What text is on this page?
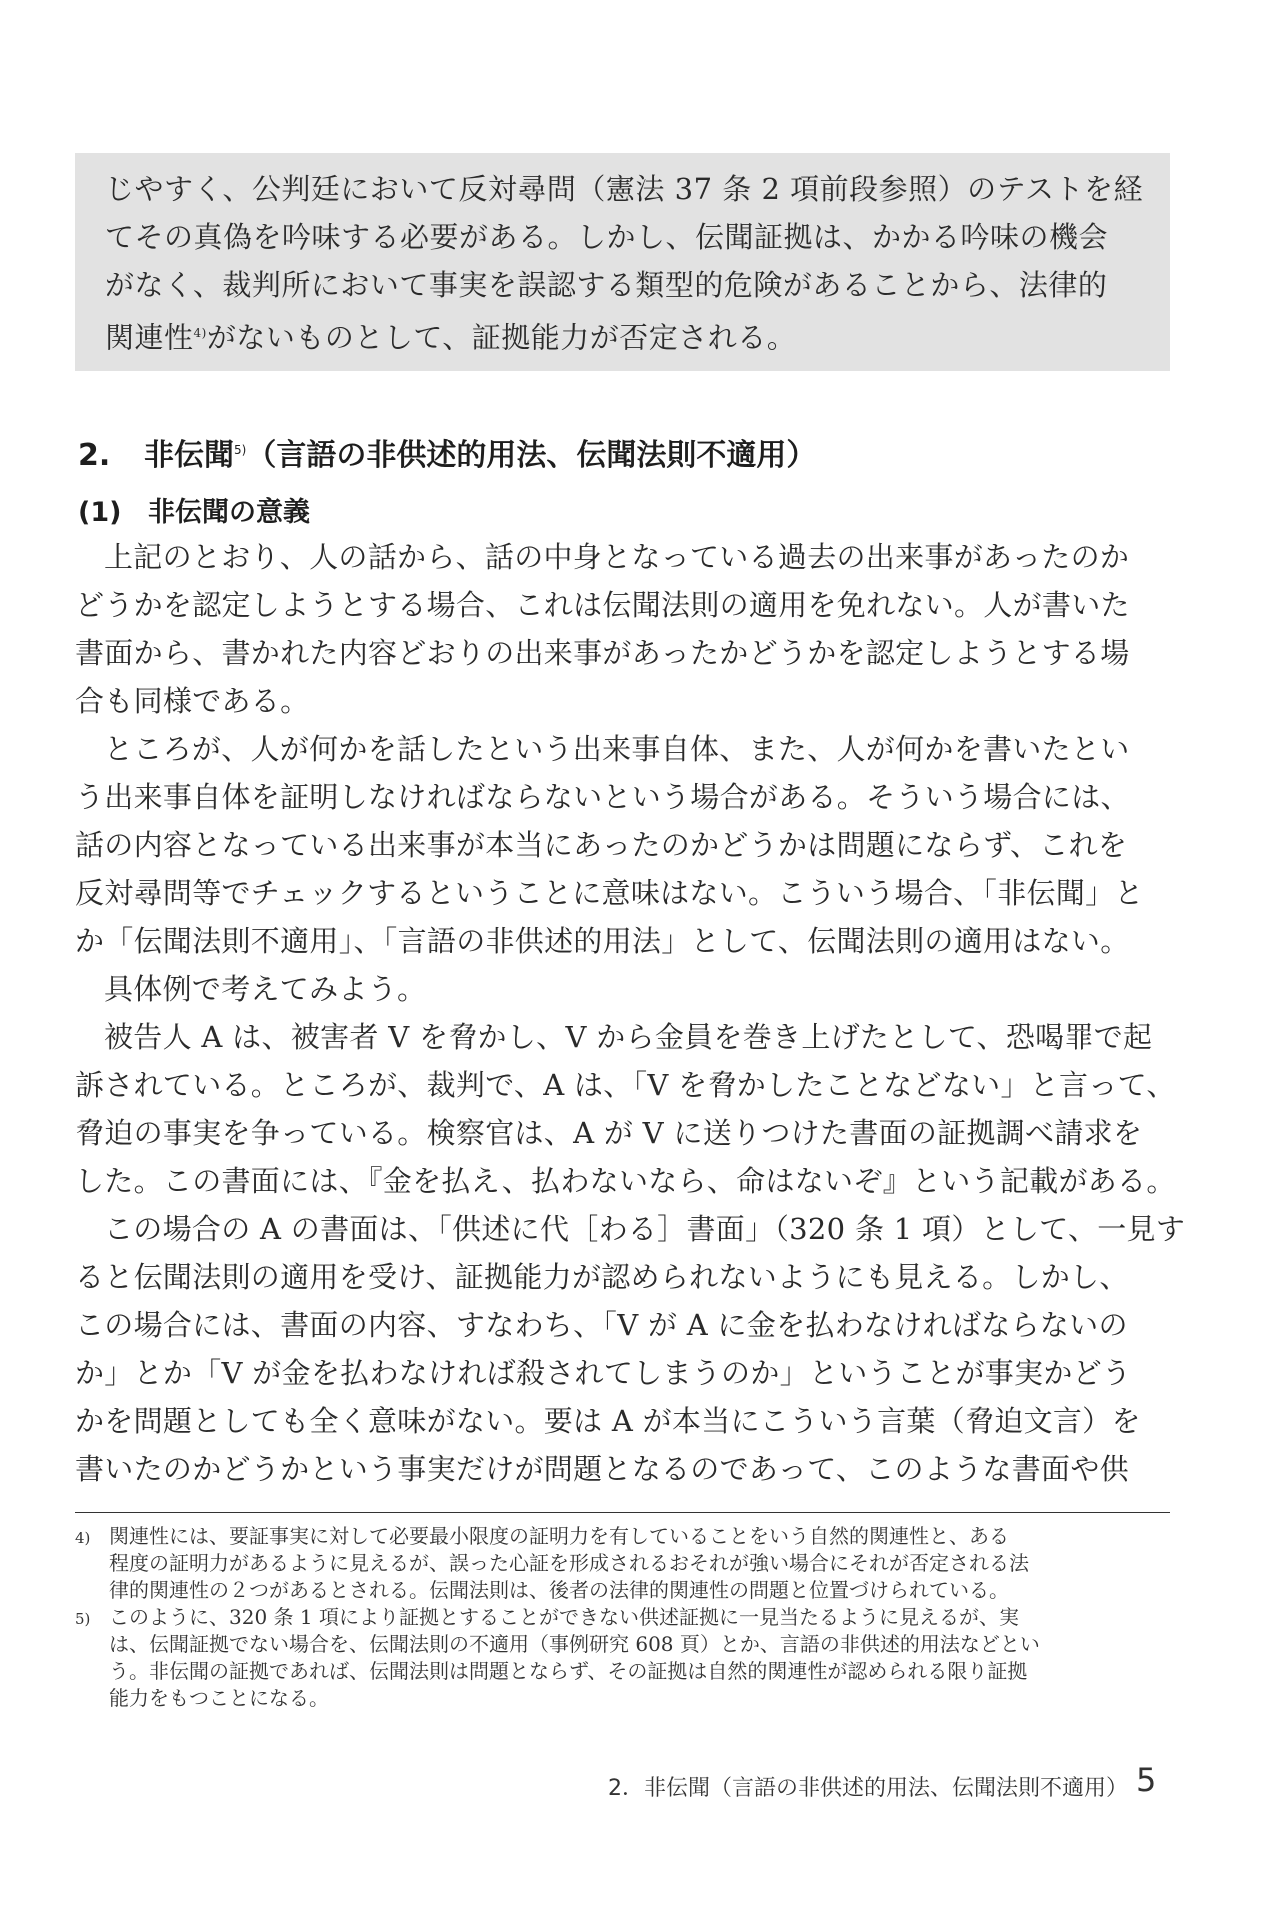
じやすく、公判廷において反対尋問（憲法 37 条 2 項前段参照）のテストを経

てその真偽を吟味する必要がある。しかし、伝聞証拠は、かかる吟味の機会

がなく、裁判所において事実を誤認する類型的危険があることから、法律的

関連性$^{4)}$がないものとして、証拠能力が否定される。

2. 非伝聞$^{5)}$（言語の非供述的用法、伝聞法則不適用）
(1) 非伝聞の意義

上記のとおり、人の話から、話の中身となっている過去の出来事があったのか
どうかを認定しようとする場合、これは伝聞法則の適用を免れない。人が書いた
書面から、書かれた内容どおりの出来事があったかどうかを認定しようとする場
合も同様である。

ところが、人が何かを話したという出来事自体、また、人が何かを書いたとい
う出来事自体を証明しなければならないという場合がある。そういう場合には、
話の内容となっている出来事が本当にあったのかどうかは問題にならず、これを
反対尋問等でチェックするということに意味はない。こういう場合、「非伝聞」と
か「伝聞法則不適用」、「言語の非供述的用法」として、伝聞法則の適用はない。

具体例で考えてみよう。

被告人 A は、被害者 V を脅かし、V から金員を巻き上げたとして、恐喝罪で起
訴されている。ところが、裁判で、A は、「V を脅かしたことなどない」と言って、
脅迫の事実を争っている。検察官は、A が V に送りつけた書面の証拠調べ請求を
した。この書面には、『金を払え、払わないなら、命はないぞ』という記載がある。

この場合の A の書面は、「供述に代［わる］書面」（320 条 1 項）として、一見す
ると伝聞法則の適用を受け、証拠能力が認められないようにも見える。しかし、
この場合には、書面の内容、すなわち、「V が A に金を払わなければならないの
か」とか「V が金を払わなければ殺されてしまうのか」ということが事実かどう
かを問題としても全く意味がない。要は A が本当にこういう言葉（脅迫文言）を
書いたのかどうかという事実だけが問題となるのであって、このような書面や供

4) 関連性には、要証事実に対して必要最小限度の証明力を有していることをいう自然的関連性と、ある
程度の証明力があるように見えるが、誤った心証を形成されるおそれが強い場合にそれが否定される法
律的関連性の２つがあるとされる。伝聞法則は、後者の法律的関連性の問題と位置づけられている。
5) このように、320 条 1 項により証拠とすることができない供述証拠に一見当たるように見えるが、実
は、伝聞証拠でない場合を、伝聞法則の不適用（事例研究 608 頁）とか、言語の非供述的用法などとい
う。非伝聞の証拠であれば、伝聞法則は問題とならず、その証拠は自然的関連性が認められる限り証拠
能力をもつことになる。
2．非伝聞（言語の非供述的用法、伝聞法則不適用） 5
